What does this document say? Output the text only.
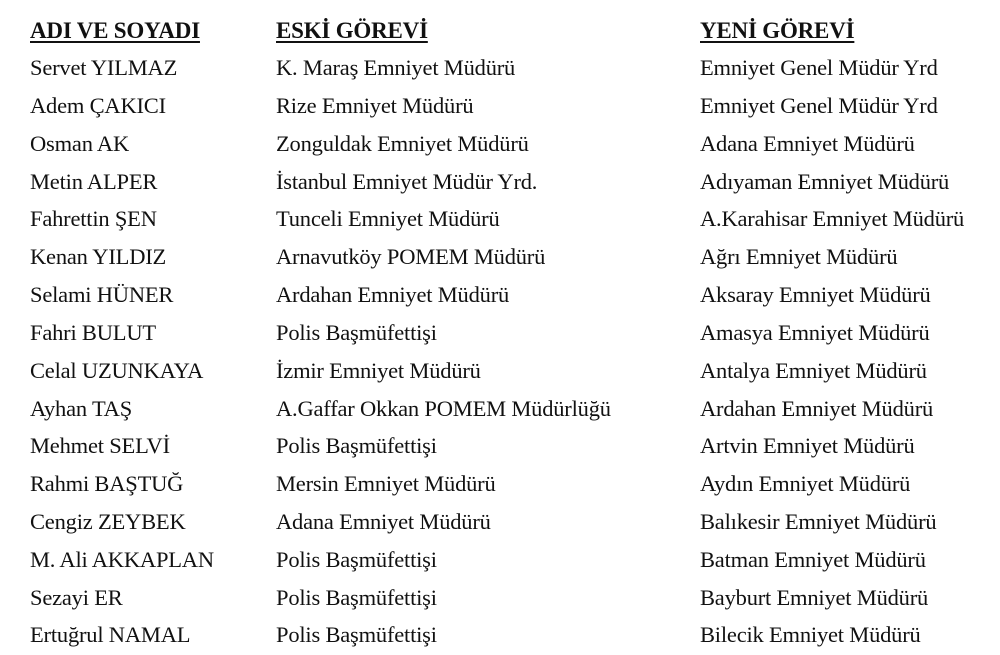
ADI VE SOYADI	ESKİ GÖREVİ	YENİ GÖREVİ
Servet YILMAZ	K. Maraş Emniyet Müdürü	Emniyet Genel Müdür Yrd
Adem ÇAKICI	Rize Emniyet Müdürü	Emniyet Genel Müdür Yrd
Osman AK	Zonguldak Emniyet Müdürü	Adana Emniyet Müdürü
Metin ALPER	İstanbul Emniyet Müdür Yrd.	Adıyaman Emniyet Müdürü
Fahrettin ŞEN	Tunceli Emniyet Müdürü	A.Karahisar Emniyet Müdürü
Kenan YILDIZ	Arnavutköy POMEM Müdürü	Ağrı Emniyet Müdürü
Selami HÜNER	Ardahan Emniyet Müdürü	Aksaray Emniyet Müdürü
Fahri BULUT	Polis Başmüfettişi	Amasya Emniyet Müdürü
Celal UZUNKAYA	İzmir Emniyet Müdürü	Antalya Emniyet Müdürü
Ayhan TAŞ	A.Gaffar Okkan POMEM Müdürlüğü	Ardahan Emniyet Müdürü
Mehmet SELVİ	Polis Başmüfettişi	Artvin Emniyet Müdürü
Rahmi BAŞTUĞ	Mersin Emniyet Müdürü	Aydın Emniyet Müdürü
Cengiz ZEYBEK	Adana Emniyet Müdürü	Balıkesir Emniyet Müdürü
M. Ali AKKAPLAN	Polis Başmüfettişi	Batman Emniyet Müdürü
Sezayi ER	Polis Başmüfettişi	Bayburt Emniyet Müdürü
Ertuğrul NAMAL	Polis Başmüfettişi	Bilecik Emniyet Müdürü
